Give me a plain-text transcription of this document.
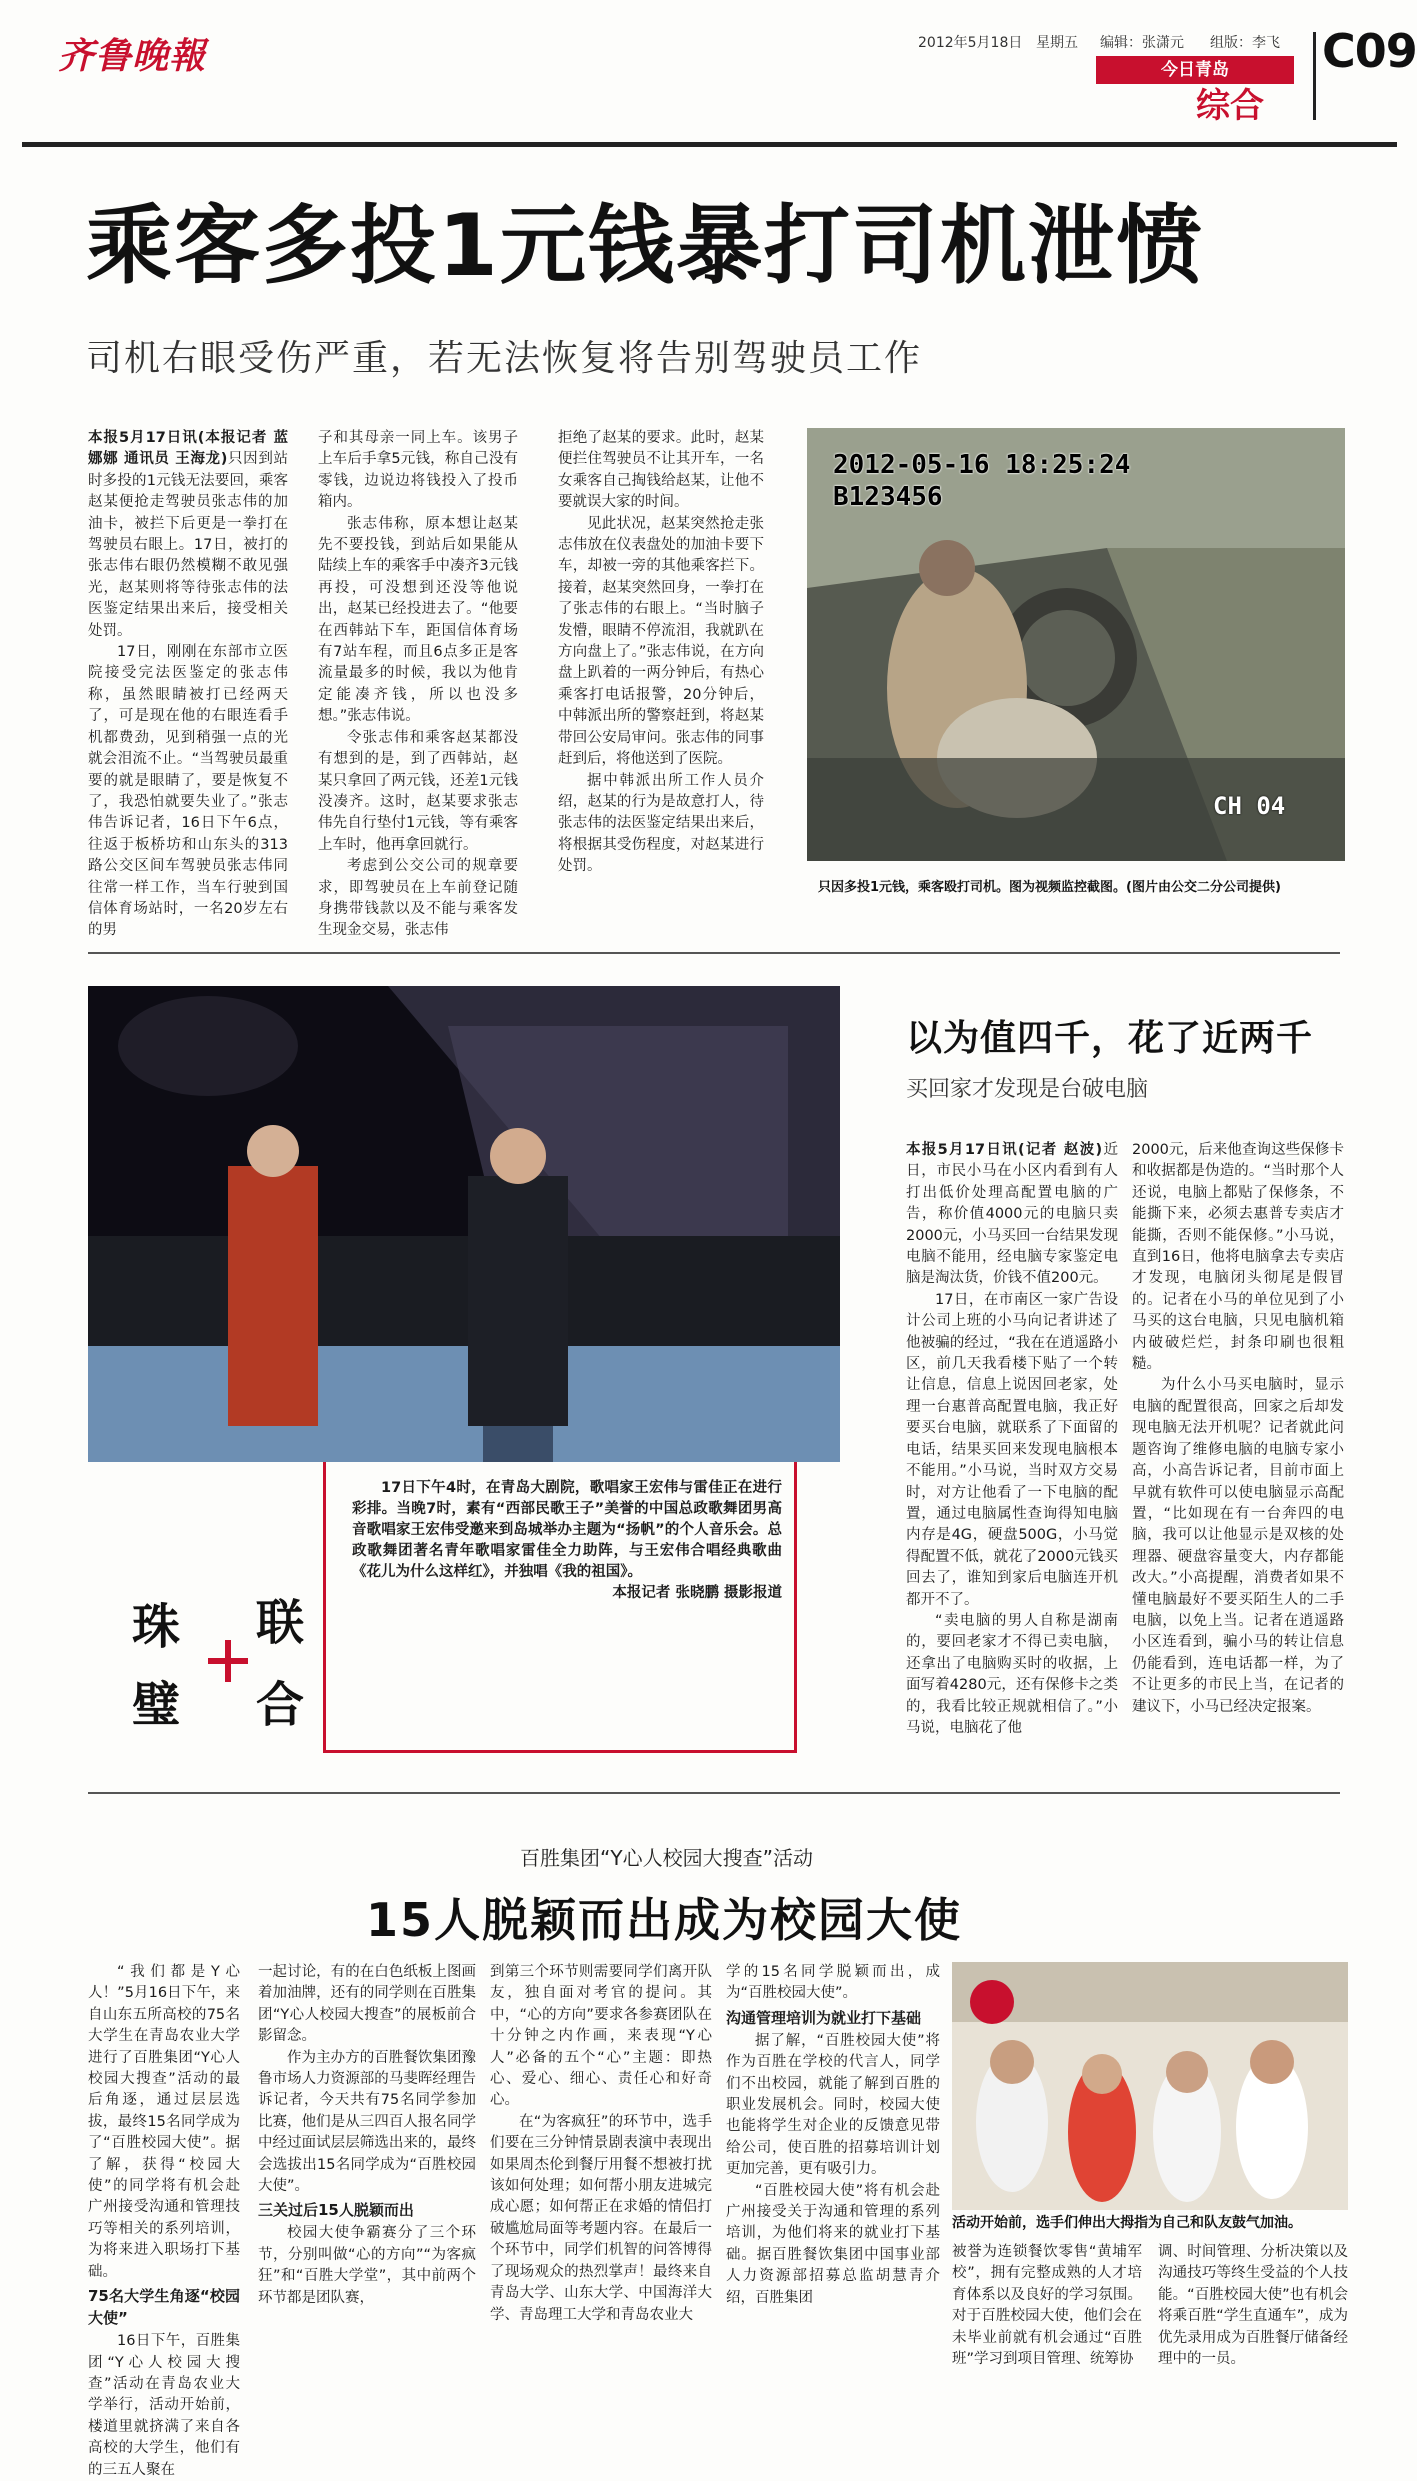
齐鲁晚報	2012年5月18日 星期五 编辑：张潇元 组版：李飞
今日青岛
综合
C09
乘客多投1元钱暴打司机泄愤
司机右眼受伤严重，若无法恢复将告别驾驶员工作

本报5月17日讯(本报记者 蓝娜娜 通讯员 王海龙)只因到站时多投的1元钱无法要回，乘客赵某便抢走驾驶员张志伟的加油卡，被拦下后更是一拳打在驾驶员右眼上。17日，被打的张志伟右眼仍然模糊不敢见强光，赵某则将等待张志伟的法医鉴定结果出来后，接受相关处罚。

17日，刚刚在东部市立医院接受完法医鉴定的张志伟称，虽然眼睛被打已经两天了，可是现在他的右眼连看手机都费劲，见到稍强一点的光就会泪流不止。“当驾驶员最重要的就是眼睛了，要是恢复不了，我恐怕就要失业了。”张志伟告诉记者，16日下午6点，往返于板桥坊和山东头的313路公交区间车驾驶员张志伟同往常一样工作，当车行驶到国信体育场站时，一名20岁左右的男

子和其母亲一同上车。该男子上车后手拿5元钱，称自己没有零钱，边说边将钱投入了投币箱内。

张志伟称，原本想让赵某先不要投钱，到站后如果能从陆续上车的乘客手中凑齐3元钱再投，可没想到还没等他说出，赵某已经投进去了。“他要在西韩站下车，距国信体育场有7站车程，而且6点多正是客流量最多的时候，我以为他肯定能凑齐钱，所以也没多想。”张志伟说。

令张志伟和乘客赵某都没有想到的是，到了西韩站，赵某只拿回了两元钱，还差1元钱没凑齐。这时，赵某要求张志伟先自行垫付1元钱，等有乘客上车时，他再拿回就行。

考虑到公交公司的规章要求，即驾驶员在上车前登记随身携带钱款以及不能与乘客发生现金交易，张志伟

拒绝了赵某的要求。此时，赵某便拦住驾驶员不让其开车，一名女乘客自己掏钱给赵某，让他不要就误大家的时间。

见此状况，赵某突然抢走张志伟放在仪表盘处的加油卡要下车，却被一旁的其他乘客拦下。接着，赵某突然回身，一拳打在了张志伟的右眼上。“当时脑子发懵，眼睛不停流泪，我就趴在方向盘上了。”张志伟说，在方向盘上趴着的一两分钟后，有热心乘客打电话报警，20分钟后，中韩派出所的警察赶到，将赵某带回公安局审问。张志伟的同事赶到后，将他送到了医院。

据中韩派出所工作人员介绍，赵某的行为是故意打人，待张志伟的法医鉴定结果出来后，将根据其受伤程度，对赵某进行处罚。

2012-05-16 18:25:24
B123456
CH 04
只因多投1元钱，乘客殴打司机。图为视频监控截图。(图片由公交二分公司提供)
珠 联
璧 合

17日下午4时，在青岛大剧院，歌唱家王宏伟与雷佳正在进行彩排。当晚7时，素有“西部民歌王子”美誉的中国总政歌舞团男高音歌唱家王宏伟受邀来到岛城举办主题为“扬帆”的个人音乐会。总政歌舞团著名青年歌唱家雷佳全力助阵，与王宏伟合唱经典歌曲《花儿为什么这样红》，并独唱《我的祖国》。

本报记者 张晓鹏 摄影报道

以为值四千，花了近两千
买回家才发现是台破电脑

本报5月17日讯(记者 赵波)近日，市民小马在小区内看到有人打出低价处理高配置电脑的广告，称价值4000元的电脑只卖2000元，小马买回一台结果发现电脑不能用，经电脑专家鉴定电脑是淘汰货，价钱不值200元。

17日，在市南区一家广告设计公司上班的小马向记者讲述了他被骗的经过，“我在在逍遥路小区，前几天我看楼下贴了一个转让信息，信息上说因回老家，处理一台惠普高配置电脑，我正好要买台电脑，就联系了下面留的电话，结果买回来发现电脑根本不能用。”小马说，当时双方交易时，对方让他看了一下电脑的配置，通过电脑属性查询得知电脑内存是4G，硬盘500G，小马觉得配置不低，就花了2000元钱买回去了，谁知到家后电脑连开机都开不了。

“卖电脑的男人自称是湖南的，要回老家才不得已卖电脑，还拿出了电脑购买时的收据，上面写着4280元，还有保修卡之类的，我看比较正规就相信了。”小马说，电脑花了他

2000元，后来他查询这些保修卡和收据都是伪造的。“当时那个人还说，电脑上都贴了保修条，不能撕下来，必须去惠普专卖店才能撕，否则不能保修。”小马说，直到16日，他将电脑拿去专卖店才发现，电脑闭头彻尾是假冒的。记者在小马的单位见到了小马买的这台电脑，只见电脑机箱内破破烂烂，封条印刷也很粗糙。

为什么小马买电脑时，显示电脑的配置很高，回家之后却发现电脑无法开机呢？记者就此问题咨询了维修电脑的电脑专家小高，小高告诉记者，目前市面上早就有软件可以使电脑显示高配置，“比如现在有一台奔四的电脑，我可以让他显示是双核的处理器、硬盘容量变大，内存都能改大。”小高提醒，消费者如果不懂电脑最好不要买陌生人的二手电脑，以免上当。记者在逍遥路小区连看到，骗小马的转让信息仍能看到，连电话都一样，为了不让更多的市民上当，在记者的建议下，小马已经决定报案。

百胜集团“Y心人校园大搜查”活动
15人脱颖而出成为校园大使

“我们都是Y心人！”5月16日下午，来自山东五所高校的75名大学生在青岛农业大学进行了百胜集团“Y心人校园大搜查”活动的最后角逐，通过层层选拔，最终15名同学成为了“百胜校园大使”。据了解，获得“校园大使”的同学将有机会赴广州接受沟通和管理技巧等相关的系列培训，为将来进入职场打下基础。

75名大学生角逐“校园大使”

16日下午，百胜集团“Y心人校园大搜查”活动在青岛农业大学举行，活动开始前，楼道里就挤满了来自各高校的大学生，他们有的三五人聚在

一起讨论，有的在白色纸板上图画着加油牌，还有的同学则在百胜集团“Y心人校园大搜查”的展板前合影留念。

作为主办方的百胜餐饮集团豫鲁市场人力资源部的马斐晖经理告诉记者，今天共有75名同学参加比赛，他们是从三四百人报名同学中经过面试层层筛选出来的，最终会选拔出15名同学成为“百胜校园大使”。

三关过后15人脱颖而出

校园大使争霸赛分了三个环节，分别叫做“心的方向”“为客疯狂”和“百胜大学堂”，其中前两个环节都是团队赛，

到第三个环节则需要同学们离开队友，独自面对考官的提问。其中，“心的方向”要求各参赛团队在十分钟之内作画，来表现“Y心人”必备的五个“心”主题：即热心、爱心、细心、责任心和好奇心。

在“为客疯狂”的环节中，选手们要在三分钟情景剧表演中表现出如果周杰伦到餐厅用餐不想被打扰该如何处理；如何帮小朋友进城完成心愿；如何帮正在求婚的情侣打破尴尬局面等考题内容。在最后一个环节中，同学们机智的问答博得了现场观众的热烈掌声！最终来自青岛大学、山东大学、中国海洋大学、青岛理工大学和青岛农业大

学的15名同学脱颖而出，成为“百胜校园大使”。

沟通管理培训为就业打下基础

据了解，“百胜校园大使”将作为百胜在学校的代言人，同学们不出校园，就能了解到百胜的职业发展机会。同时，校园大使也能将学生对企业的反馈意见带给公司，使百胜的招募培训计划更加完善，更有吸引力。

“百胜校园大使”将有机会赴广州接受关于沟通和管理的系列培训，为他们将来的就业打下基础。据百胜餐饮集团中国事业部人力资源部招募总监胡慧青介绍，百胜集团

活动开始前，选手们伸出大拇指为自己和队友鼓气加油。

被誉为连锁餐饮零售“黄埔军校”，拥有完整成熟的人才培育体系以及良好的学习氛围。对于百胜校园大使，他们会在未毕业前就有机会通过“百胜班”学习到项目管理、统筹协

调、时间管理、分析决策以及沟通技巧等终生受益的个人技能。“百胜校园大使”也有机会将乘百胜“学生直通车”，成为优先录用成为百胜餐厅储备经理中的一员。
